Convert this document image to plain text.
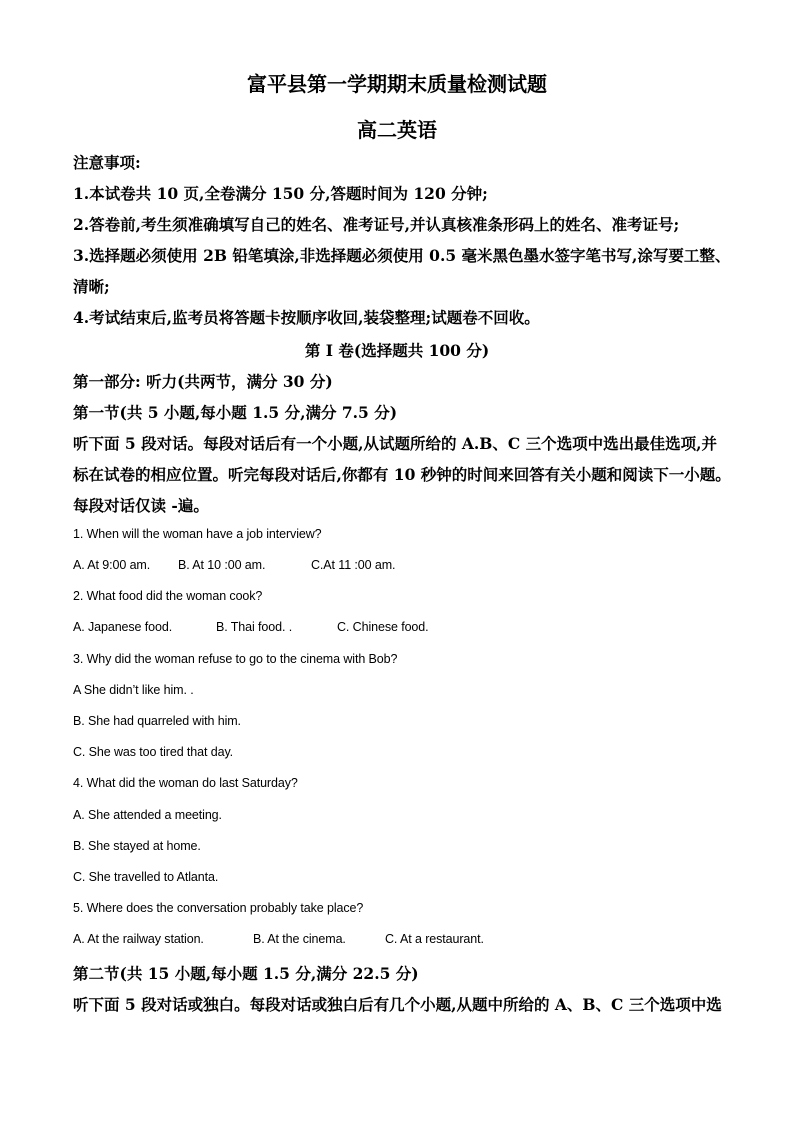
富平县第一学期期末质量检测试题
高二英语
注意事项:
1.本试卷共 10 页,全卷满分 150 分,答题时间为 120 分钟;
2.答卷前,考生须准确填写自己的姓名、准考证号,并认真核准条形码上的姓名、准考证号;
3.选择题必须使用 2B 铅笔填涂,非选择题必须使用 0.5 毫米黑色墨水签字笔书写,涂写要工整、
清晰;
4.考试结束后,监考员将答题卡按顺序收回,装袋整理;试题卷不回收。
第 I 卷(选择题共 100 分)
第一部分: 听力(共两节，满分 30 分)
第一节(共 5 小题,每小题 1.5 分,满分 7.5 分)
听下面 5 段对话。每段对话后有一个小题,从试题所给的 A.B、C 三个选项中选出最佳选项,并
标在试卷的相应位置。听完每段对话后,你都有 10 秒钟的时间来回答有关小题和阅读下一小题。
每段对话仅读 -遍。
1. When will the woman have a job interview?
A. At 9:00 am. B. At 10 :00 am.	C.At 11 :00 am.
2. What food did the woman cook?
A. Japanese food.	B. Thai food. .	C. Chinese food.
3. Why did the woman refuse to go to the cinema with Bob?
A She didn’t like him. .
B. She had quarreled with him.
C. She was too tired that day.
4. What did the woman do last Saturday?
A. She attended a meeting.
B. She stayed at home.
C. She travelled to Atlanta.
5. Where does the conversation probably take place?
A. At the railway station.	B. At the cinema.	C. At a restaurant.
第二节(共 15 小题,每小题 1.5 分,满分 22.5 分)
听下面 5 段对话或独白。每段对话或独白后有几个小题,从题中所给的 A、B、C 三个选项中选
